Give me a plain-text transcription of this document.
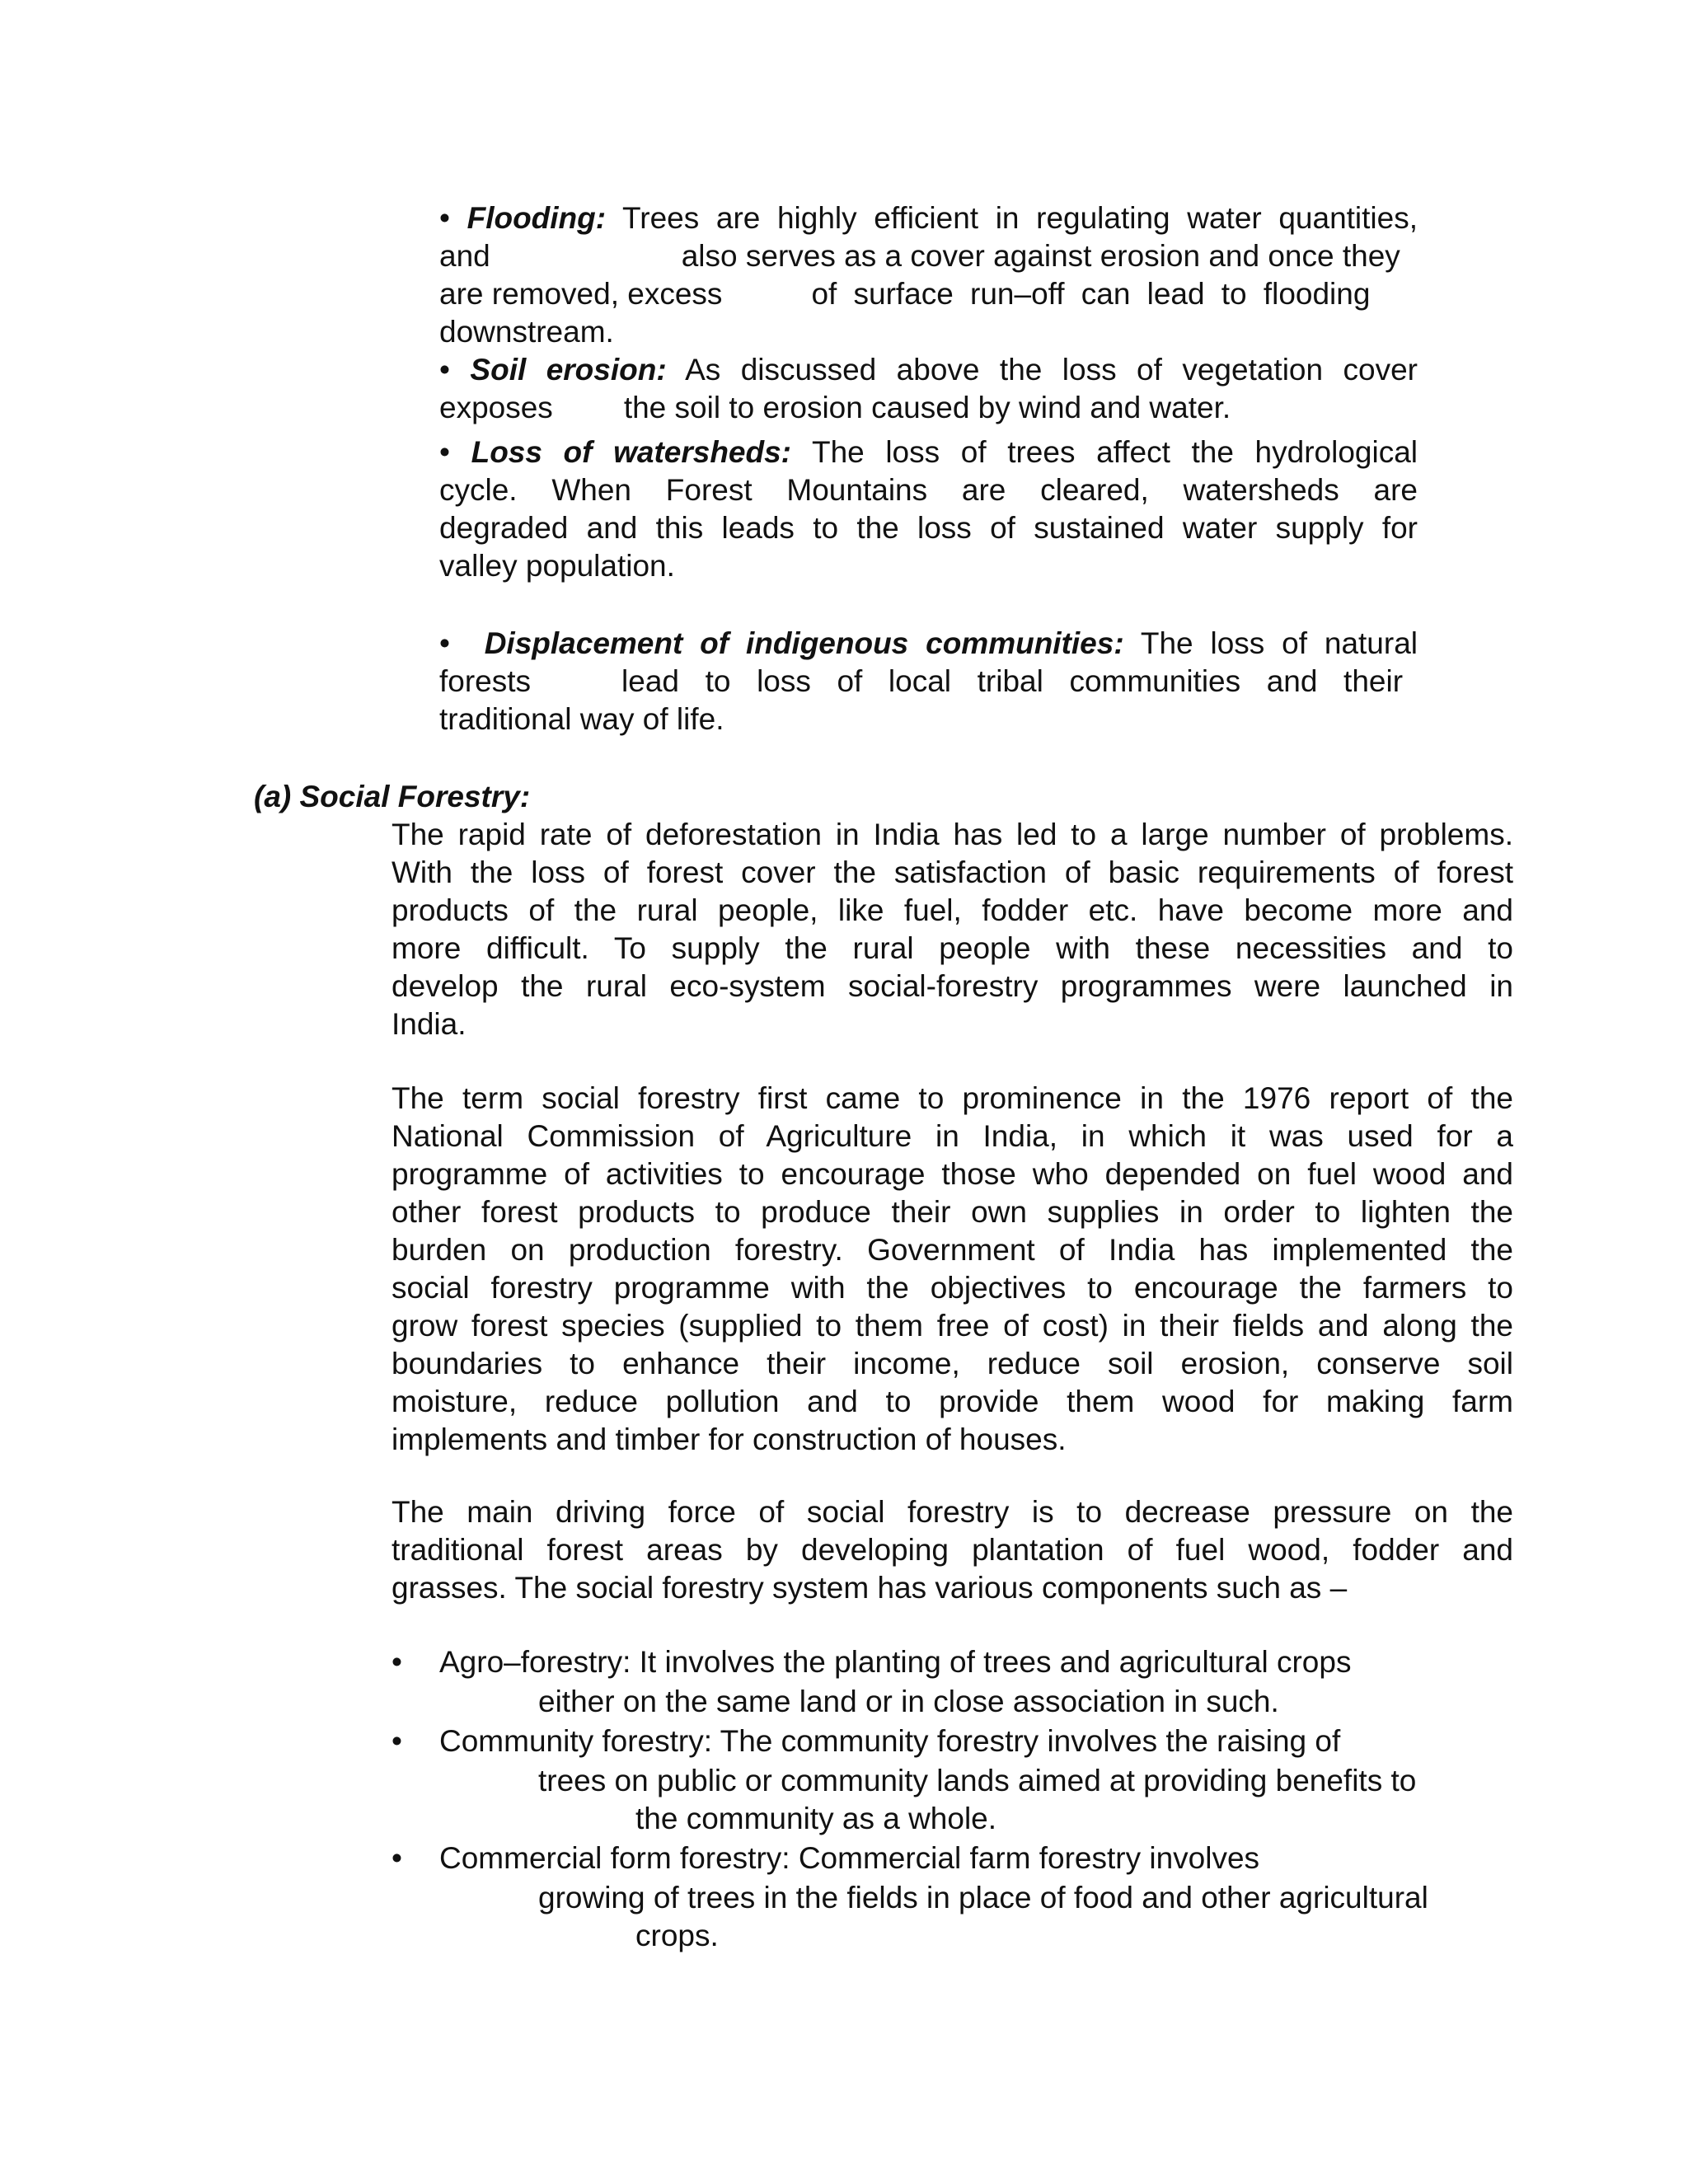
• Flooding: Trees are highly efficient in regulating water quantities,
and	also serves as a cover against erosion and once they
are removed, excess	of surface run–off can lead to flooding
downstream.
• Soil erosion: As discussed above the loss of vegetation cover
exposes the soil to erosion caused by wind and water.
• Loss of watersheds: The loss of trees affect the hydrological
cycle. When Forest Mountains are cleared, watersheds are
degraded and this leads to the loss of sustained water supply for
valley population.
• Displacement of indigenous communities: The loss of natural
forests	lead to loss of local tribal communities and their
traditional way of life.
(a) Social Forestry:
The rapid rate of deforestation in India has led to a large number of problems.
With the loss of forest cover the satisfaction of basic requirements of forest
products of the rural people, like fuel, fodder etc. have become more and
more difficult. To supply the rural people with these necessities and to
develop the rural eco-system social-forestry programmes were launched in
India.
The term social forestry first came to prominence in the 1976 report of the
National Commission of Agriculture in India, in which it was used for a
programme of activities to encourage those who depended on fuel wood and
other forest products to produce their own supplies in order to lighten the
burden on production forestry. Government of India has implemented the
social forestry programme with the objectives to encourage the farmers to
grow forest species (supplied to them free of cost) in their fields and along the
boundaries to enhance their income, reduce soil erosion, conserve soil
moisture, reduce pollution and to provide them wood for making farm
implements and timber for construction of houses.
The main driving force of social forestry is to decrease pressure on the
traditional forest areas by developing plantation of fuel wood, fodder and
grasses. The social forestry system has various components such as –
• Agro–forestry: It involves the planting of trees and agricultural crops
either on the same land or in close association in such.
• Community forestry: The community forestry involves the raising of
trees on public or community lands aimed at providing benefits to
the community as a whole.
• Commercial form forestry: Commercial farm forestry involves
growing of trees in the fields in place of food and other agricultural
crops.
